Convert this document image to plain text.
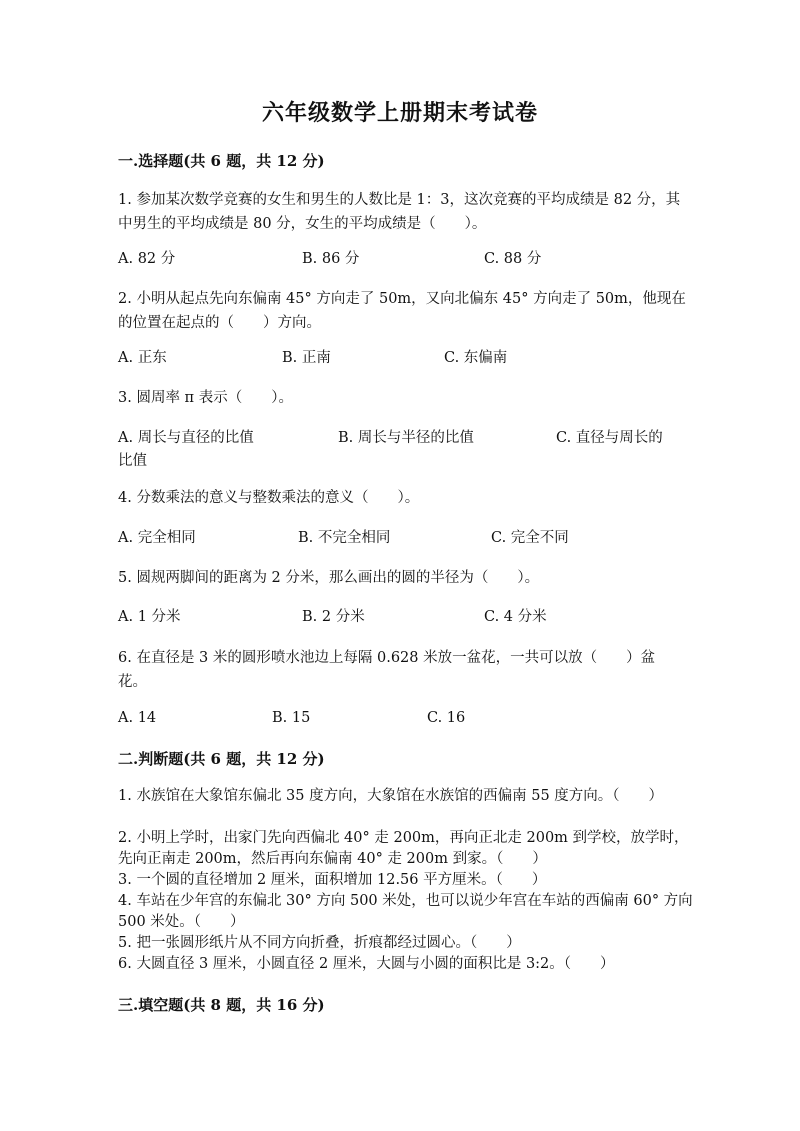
六年级数学上册期末考试卷
一.选择题(共 6 题，共 12 分)
1. 参加某次数学竞赛的女生和男生的人数比是 1：3，这次竞赛的平均成绩是 82 分，其中男生的平均成绩是 80 分，女生的平均成绩是（　　）。
A. 82 分	B. 86 分	C. 88 分
2. 小明从起点先向东偏南 45° 方向走了 50m，又向北偏东 45° 方向走了 50m，他现在的位置在起点的（　　）方向。
A. 正东	B. 正南	C. 东偏南
3. 圆周率 π 表示（　　）。
A. 周长与直径的比值	B. 周长与半径的比值	C. 直径与周长的
比值
4. 分数乘法的意义与整数乘法的意义（　　）。
A. 完全相同	B. 不完全相同	C. 完全不同
5. 圆规两脚间的距离为 2 分米，那么画出的圆的半径为（　　）。
A. 1 分米	B. 2 分米	C. 4 分米
6. 在直径是 3 米的圆形喷水池边上每隔 0.628 米放一盆花，一共可以放（　　）盆花。
A. 14	B. 15	C. 16
二.判断题(共 6 题，共 12 分)
1. 水族馆在大象馆东偏北 35 度方向，大象馆在水族馆的西偏南 55 度方向。（　　）
2. 小明上学时，出家门先向西偏北 40° 走 200m，再向正北走 200m 到学校，放学时，先向正南走 200m，然后再向东偏南 40° 走 200m 到家。（　　）
3. 一个圆的直径增加 2 厘米，面积增加 12.56 平方厘米。（　　）
4. 车站在少年宫的东偏北 30° 方向 500 米处，也可以说少年宫在车站的西偏南 60° 方向 500 米处。（　　）
5. 把一张圆形纸片从不同方向折叠，折痕都经过圆心。（　　）
6. 大圆直径 3 厘米，小圆直径 2 厘米，大圆与小圆的面积比是 3:2。（　　）
三.填空题(共 8 题，共 16 分)
